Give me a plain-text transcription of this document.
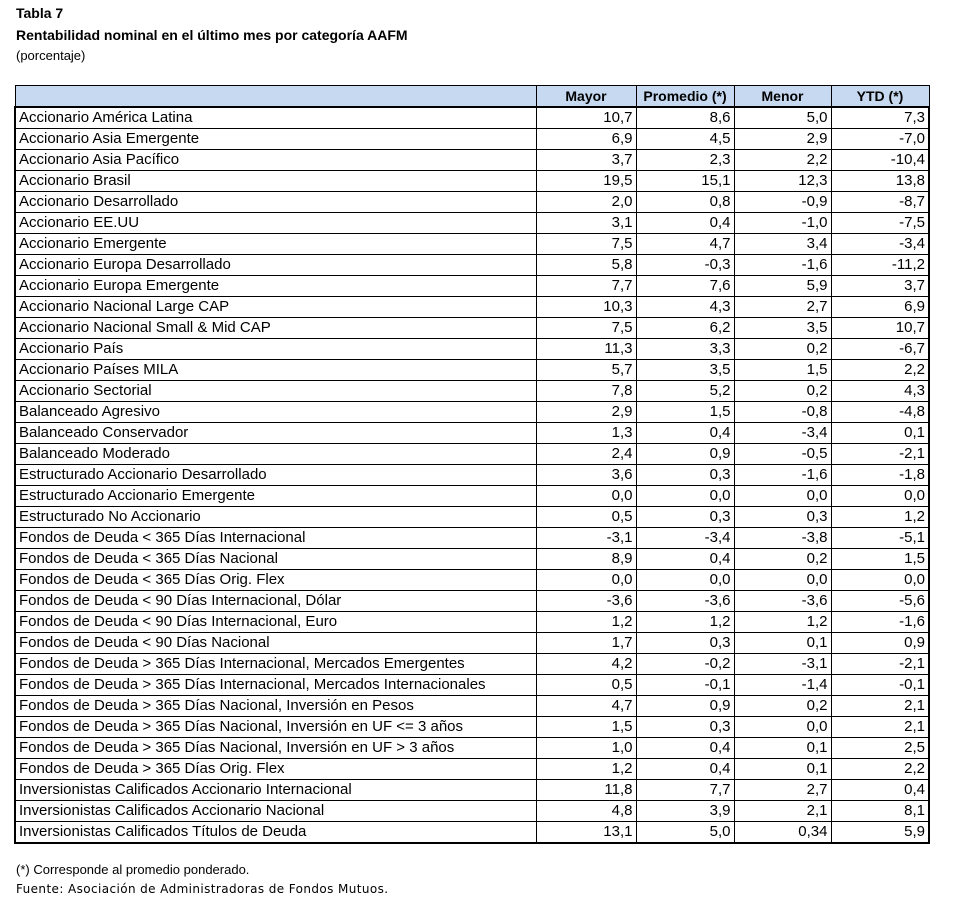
Tabla 7
Rentabilidad nominal en el último mes por categoría AAFM
(porcentaje)
	Mayor	Promedio (*)	Menor	YTD (*)
Accionario América Latina	10,7	8,6	5,0	7,3
Accionario Asia Emergente	6,9	4,5	2,9	-7,0
Accionario Asia Pacífico	3,7	2,3	2,2	-10,4
Accionario Brasil	19,5	15,1	12,3	13,8
Accionario Desarrollado	2,0	0,8	-0,9	-8,7
Accionario EE.UU	3,1	0,4	-1,0	-7,5
Accionario Emergente	7,5	4,7	3,4	-3,4
Accionario Europa Desarrollado	5,8	-0,3	-1,6	-11,2
Accionario Europa Emergente	7,7	7,6	5,9	3,7
Accionario Nacional Large CAP	10,3	4,3	2,7	6,9
Accionario Nacional Small & Mid CAP	7,5	6,2	3,5	10,7
Accionario País	11,3	3,3	0,2	-6,7
Accionario Países MILA	5,7	3,5	1,5	2,2
Accionario Sectorial	7,8	5,2	0,2	4,3
Balanceado Agresivo	2,9	1,5	-0,8	-4,8
Balanceado Conservador	1,3	0,4	-3,4	0,1
Balanceado Moderado	2,4	0,9	-0,5	-2,1
Estructurado Accionario Desarrollado	3,6	0,3	-1,6	-1,8
Estructurado Accionario Emergente	0,0	0,0	0,0	0,0
Estructurado No Accionario	0,5	0,3	0,3	1,2
Fondos de Deuda < 365 Días Internacional	-3,1	-3,4	-3,8	-5,1
Fondos de Deuda < 365 Días Nacional	8,9	0,4	0,2	1,5
Fondos de Deuda < 365 Días Orig. Flex	0,0	0,0	0,0	0,0
Fondos de Deuda < 90 Días Internacional, Dólar	-3,6	-3,6	-3,6	-5,6
Fondos de Deuda < 90 Días Internacional, Euro	1,2	1,2	1,2	-1,6
Fondos de Deuda < 90 Días Nacional	1,7	0,3	0,1	0,9
Fondos de Deuda > 365 Días Internacional, Mercados Emergentes	4,2	-0,2	-3,1	-2,1
Fondos de Deuda > 365 Días Internacional, Mercados Internacionales	0,5	-0,1	-1,4	-0,1
Fondos de Deuda > 365 Días Nacional, Inversión en Pesos	4,7	0,9	0,2	2,1
Fondos de Deuda > 365 Días Nacional, Inversión en UF <= 3 años	1,5	0,3	0,0	2,1
Fondos de Deuda > 365 Días Nacional, Inversión en UF > 3 años	1,0	0,4	0,1	2,5
Fondos de Deuda > 365 Días Orig. Flex	1,2	0,4	0,1	2,2
Inversionistas Calificados Accionario Internacional	11,8	7,7	2,7	0,4
Inversionistas Calificados Accionario Nacional	4,8	3,9	2,1	8,1
Inversionistas Calificados Títulos de Deuda	13,1	5,0	0,34	5,9
(*) Corresponde al promedio ponderado.
Fuente: Asociación de Administradoras de Fondos Mutuos.
